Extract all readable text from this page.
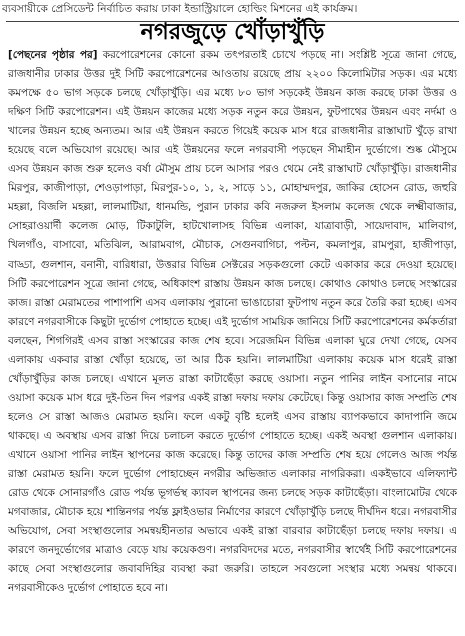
ব্যবসায়ীকে প্রেসিডেন্ট নির্বাচিত করায় ঢাকা ইন্ডাস্ট্রিয়ালে হোল্ডিং মিশনের এই কার্যক্রম।
নগরজুড়ে খোঁড়াখুঁড়ি
[পেছনের পৃষ্ঠার পর] করপোরেশনের কোনো রকম তৎপরতাই চোখে পড়ছে না। সংশ্লিষ্ট সূত্রে জানা গেছে, রাজধানীর ঢাকার উত্তর দুই সিটি করপোরেশনের আওতায় রয়েছে প্রায় ২২০০ কিলোমিটার সড়ক। এর মধ্যে কমপক্ষে ৫০ ভাগ সড়কে চলছে খোঁড়াখুঁড়ি। এর মধ্যে ৮০ ভাগ সড়কেই উন্নয়ন কাজ করছে ঢাকা উত্তর ও দক্ষিণ সিটি করপোরেশন। এই উন্নয়ন কাজের মধ্যে সড়ক নতুন করে উন্নয়ন, ফুটপাথের উন্নয়ন এবং নর্দমা ও খালের উন্নয়ন হচ্ছে অন্যতম। আর এই উন্নয়ন করতে গিয়েই কয়েক মাস ধরে রাজধানীর রাস্তাঘাট খুঁড়ে রাখা হয়েছে বলে অভিযোগ রয়েছে। আর এই উন্নয়নের ফলে নগরবাসী পড়ছেন সীমাহীন দুর্ভোগে। শুষ্ক মৌসুমে এসব উন্নয়ন কাজ শুরু হলেও বর্ষা মৌসুম প্রায় চলে আসার পরও থেমে নেই রাস্তাঘাট খোঁড়াখুঁড়ি। রাজধানীর মিরপুর, কাজীপাড়া, শেওড়াপাড়া, মিরপুর-১০, ১, ২, সাড়ে ১১, মোহাম্মদপুর, জাকির হোসেন রোড, জহুরি মহল্লা, বিজলি মহল্লা, লালমাটিয়া, ধানমন্ডি, পুরান ঢাকার কবি নজরুল ইসলাম কলেজ থেকে লক্ষ্মীবাজার, সোহরাওয়ার্দী কলেজ মোড়, টিকাটুলি, হাটখোলাসহ বিভিন্ন এলাকা, যাত্রাবাড়ী, সায়েদাবাদ, মালিবাগ, খিলগাঁও, বাসাবো, মতিঝিল, আরামবাগ, মৌচাক, সেগুনবাগিচা, পল্টন, কমলাপুর, রামপুরা, হাজীপাড়া, বাড্ডা, গুলশান, বনানী, বারিধারা, উত্তরার বিভিন্ন সেক্টরের সড়কগুলো কেটে একাকার করে দেওয়া হয়েছে। সিটি করপোরেশন সূত্রে জানা গেছে, অধিকাংশ রাস্তায় উন্নয়ন কাজ চলছে। কোথাও কোথাও চলছে সংস্কারের কাজ। রাস্তা মেরামতের পাশাপাশি এসব এলাকায় পুরানো ভাঙাচোরা ফুটপাথ নতুন করে তৈরি করা হচ্ছে। এসব কারণে নগরবাসীকে কিছুটা দুর্ভোগ পোহাতে হচ্ছে। এই দুর্ভোগ সাময়িক জানিয়ে সিটি করপোরেশনের কর্মকর্তারা বলছেন, শিগগিরই এসব রাস্তা সংস্কারের কাজ শেষ হবে। সরেজমিন বিভিন্ন এলাকা ঘুরে দেখা গেছে, যেসব এলাকায় একবার রাস্তা খোঁড়া হয়েছে, তা আর ঠিক হয়নি। লালমাটিয়া এলাকায় কয়েক মাস ধরেই রাস্তা খোঁড়াখুঁড়ির কাজ চলছে। এখানে মূলত রাস্তা কাটাছেঁড়া করছে ওয়াসা। নতুন পানির লাইন বসানোর নামে ওয়াসা কয়েক মাস ধরে দুই-তিন দিন পরপর একই রাস্তা দফায় দফায় কেটেছে। কিন্তু ওয়াসার কাজ সম্প্রতি শেষ হলেও সে রাস্তা আজও মেরামত হয়নি। ফলে একটু বৃষ্টি হলেই এসব রাস্তায় ব্যাপকভাবে কাদাপানি জমে থাকছে। এ অবস্থায় এসব রাস্তা দিয়ে চলাচল করতে দুর্ভোগ পোহাতে হচ্ছে। একই অবস্থা গুলশান এলাকায়। এখানে ওয়াসা পানির লাইন স্থাপনের কাজ করেছে। কিন্তু তাদের কাজ সম্প্রতি শেষ হয়ে গেলেও আজ পর্যন্ত রাস্তা মেরামত হয়নি। ফলে দুর্ভোগ পোহাচ্ছেন নগরীর অভিজাত এলাকার নাগরিকরা। একইভাবে এলিফ্যান্ট রোড থেকে সোনারগাঁও রোড পর্যন্ত ভূগর্ভস্থ ক্যাবল স্থাপনের জন্য চলছে সড়ক কাটাছেঁড়া। বাংলামোটর থেকে মগবাজার, মৌচাক হয়ে শান্তিনগর পর্যন্ত ফ্লাইওভার নির্মাণের কারণে খোঁড়াখুঁড়ি চলছে দীর্ঘদিন ধরে। নগরবাসীর অভিযোগ, সেবা সংস্থাগুলোর সমন্বয়হীনতার অভাবে একই রাস্তা বারবার কাটাছেঁড়া চলছে দফায় দফায়। এ কারণে জনদুর্ভোগের মাত্রাও বেড়ে যায় কয়েকগুণ। নগরবিদদের মতে, নগরবাসীর স্বার্থেই সিটি করপোরেশনের কাছে সেবা সংস্থাগুলোর জবাবদিহির ব্যবস্থা করা জরুরি। তাহলে সবগুলো সংস্থার মধ্যে সমন্বয় থাকবে। নগরবাসীকেও দুর্ভোগ পোহাতে হবে না।
